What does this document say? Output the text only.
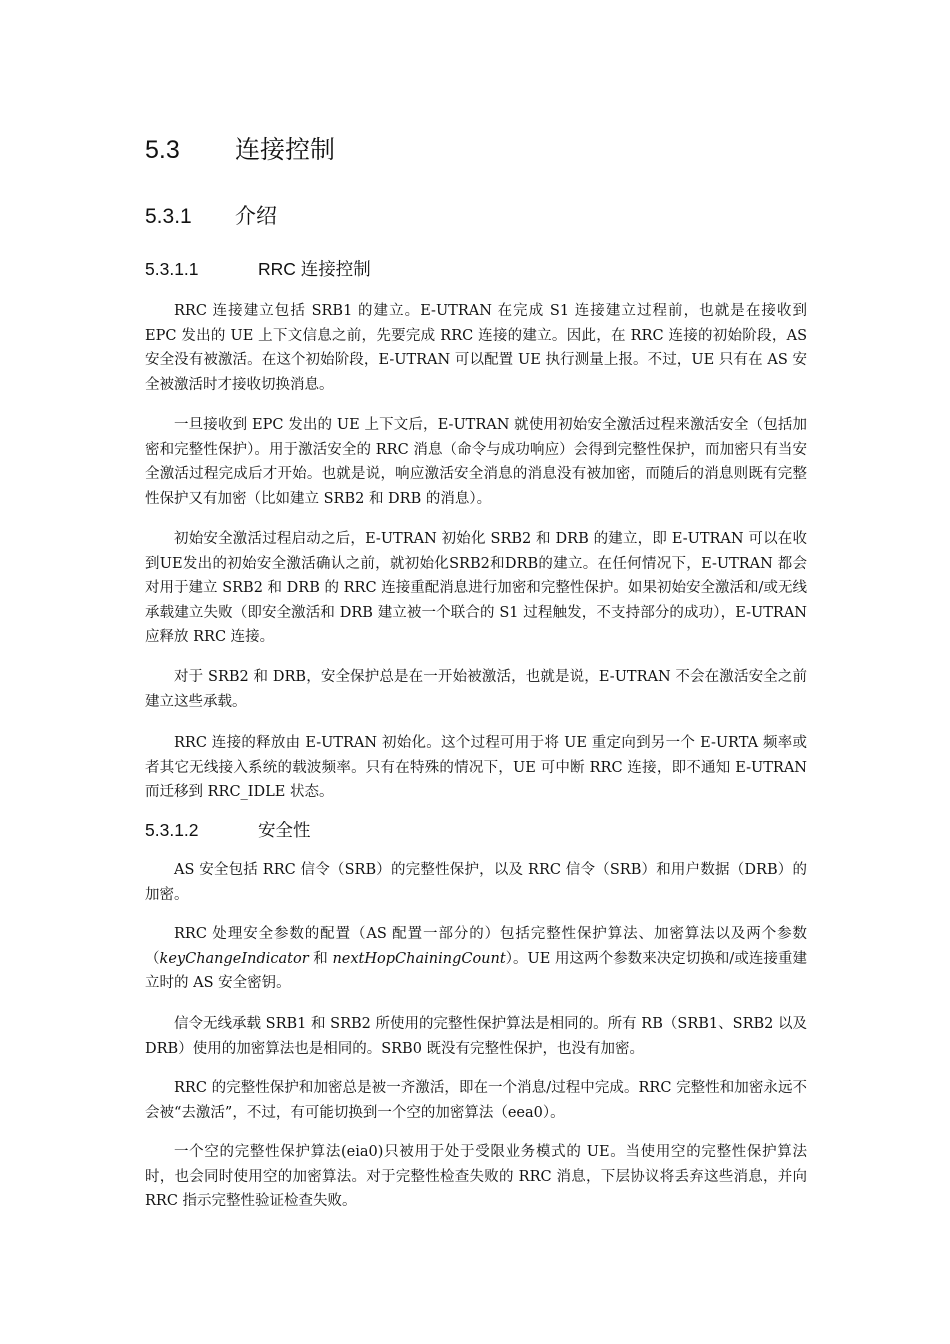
5.3 连接控制
5.3.1 介绍
5.3.1.1	RRC 连接控制

RRC 连接建立包括 SRB1 的建立。E-UTRAN 在完成 S1 连接建立过程前，也就是在接收到 EPC 发出的 UE 上下文信息之前，先要完成 RRC 连接的建立。因此，在 RRC 连接的初始阶段，AS 安全没有被激活。在这个初始阶段，E-UTRAN 可以配置 UE 执行测量上报。不过，UE 只有在 AS 安全被激活时才接收切换消息。

一旦接收到 EPC 发出的 UE 上下文后，E-UTRAN 就使用初始安全激活过程来激活安全（包括加密和完整性保护）。用于激活安全的 RRC 消息（命令与成功响应）会得到完整性保护，而加密只有当安全激活过程完成后才开始。也就是说，响应激活安全消息的消息没有被加密，而随后的消息则既有完整性保护又有加密（比如建立 SRB2 和 DRB 的消息）。

初始安全激活过程启动之后，E-UTRAN 初始化 SRB2 和 DRB 的建立，即 E-UTRAN 可以在收到UE发出的初始安全激活确认之前，就初始化SRB2和DRB的建立。在任何情况下，E-UTRAN 都会对用于建立 SRB2 和 DRB 的 RRC 连接重配消息进行加密和完整性保护。如果初始安全激活和/或无线承载建立失败（即安全激活和 DRB 建立被一个联合的 S1 过程触发，不支持部分的成功），E-UTRAN 应释放 RRC 连接。

对于 SRB2 和 DRB，安全保护总是在一开始被激活，也就是说，E-UTRAN 不会在激活安全之前建立这些承载。

RRC 连接的释放由 E-UTRAN 初始化。这个过程可用于将 UE 重定向到另一个 E-URTA 频率或者其它无线接入系统的载波频率。只有在特殊的情况下，UE 可中断 RRC 连接，即不通知 E-UTRAN 而迁移到 RRC_IDLE 状态。

5.3.1.2	安全性

AS 安全包括 RRC 信令（SRB）的完整性保护，以及 RRC 信令（SRB）和用户数据（DRB）的加密。

RRC 处理安全参数的配置（AS 配置一部分的）包括完整性保护算法、加密算法以及两个参数（keyChangeIndicator 和 nextHopChainingCount）。UE 用这两个参数来决定切换和/或连接重建立时的 AS 安全密钥。

信令无线承载 SRB1 和 SRB2 所使用的完整性保护算法是相同的。所有 RB（SRB1、SRB2 以及 DRB）使用的加密算法也是相同的。SRB0 既没有完整性保护，也没有加密。

RRC 的完整性保护和加密总是被一齐激活，即在一个消息/过程中完成。RRC 完整性和加密永远不会被“去激活”，不过，有可能切换到一个空的加密算法（eea0）。

一个空的完整性保护算法(eia0)只被用于处于受限业务模式的 UE。当使用空的完整性保护算法时，也会同时使用空的加密算法。对于完整性检查失败的 RRC 消息，下层协议将丢弃这些消息，并向 RRC 指示完整性验证检查失败。
